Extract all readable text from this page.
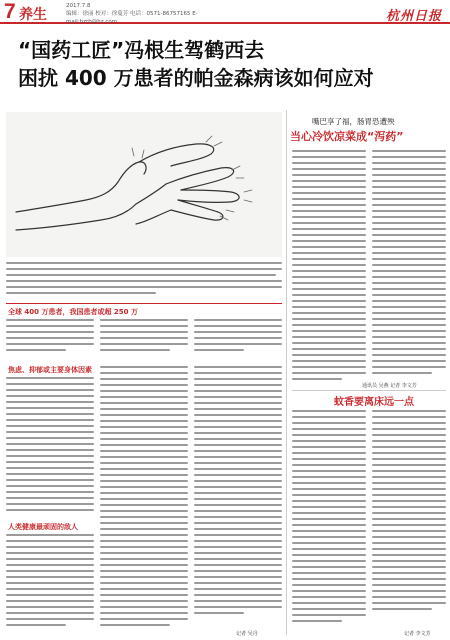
7 养生
2017.7.8
编辑：徐丽 校对：徐蔓芳 电话：0571-86757165 E-mail:hzrb@hz.com	杭州日报
“国药工匠”冯根生驾鹤西去
困扰 400 万患者的帕金森病该如何应对
全球 400 万患者，我国患者或超 250 万
焦虑、抑郁或主要身体因素
人类健康最顽固的敌人
记者 吴丹
嘴巴享了福，肠胃恐遭殃
当心冷饮凉菜成“泻药”
通讯员 吴燕 记者 李文芳
蚊香要离床远一点
记者 李文芳
